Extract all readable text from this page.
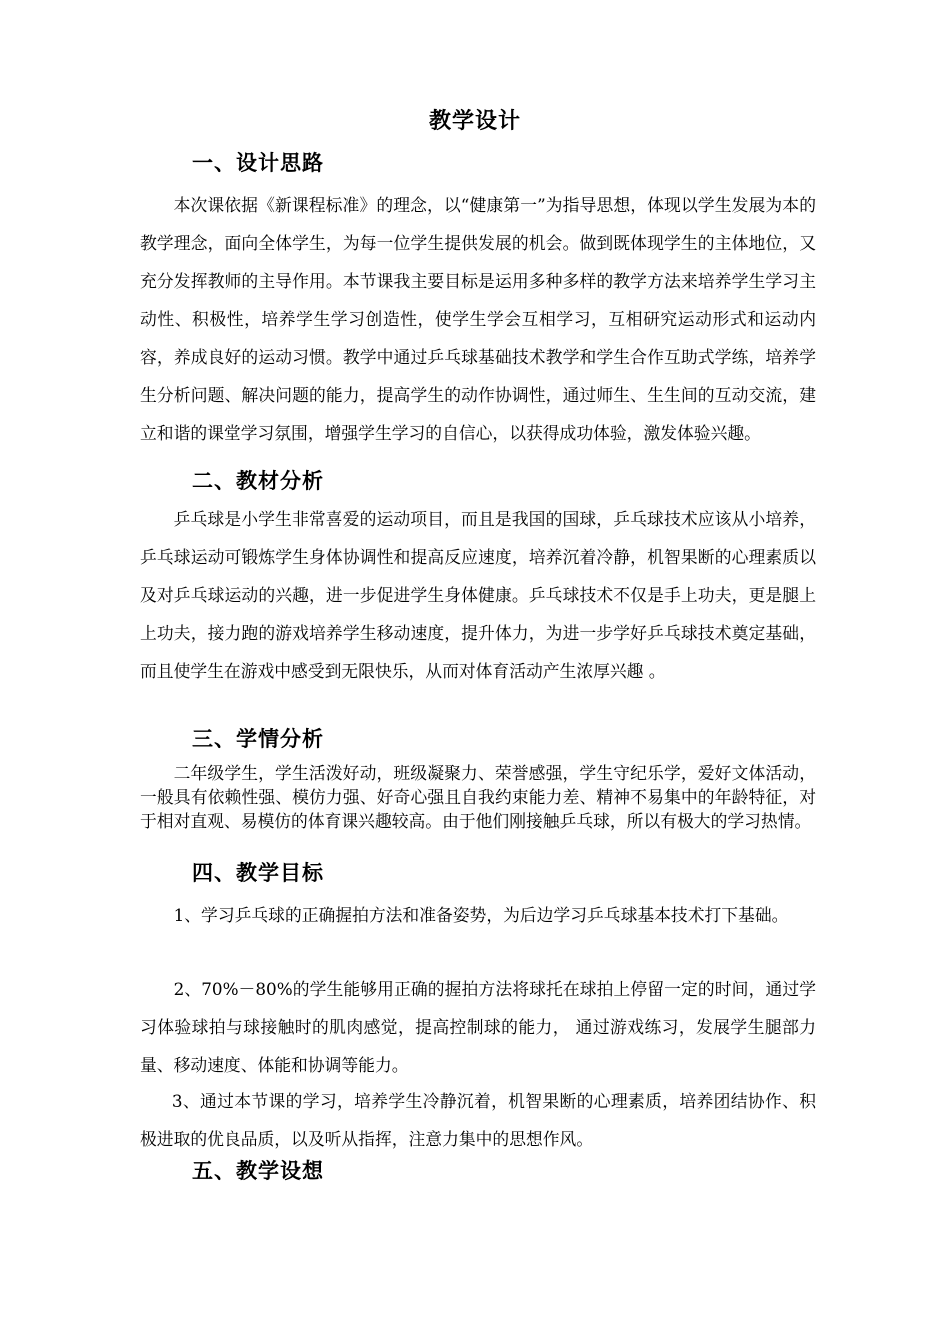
教学设计
一、设计思路

本次课依据《新课程标准》的理念，以“健康第一”为指导思想，体现以学生发展为本的教学理念，面向全体学生，为每一位学生提供发展的机会。做到既体现学生的主体地位，又充分发挥教师的主导作用。本节课我主要目标是运用多种多样的教学方法来培养学生学习主动性、积极性，培养学生学习创造性，使学生学会互相学习，互相研究运动形式和运动内容，养成良好的运动习惯。教学中通过乒乓球基础技术教学和学生合作互助式学练，培养学生分析问题、解决问题的能力，提高学生的动作协调性，通过师生、生生间的互动交流，建立和谐的课堂学习氛围，增强学生学习的自信心，以获得成功体验，激发体验兴趣。

二、教材分析

乒乓球是小学生非常喜爱的运动项目，而且是我国的国球，乒乓球技术应该从小培养，乒乓球运动可锻炼学生身体协调性和提高反应速度，培养沉着冷静，机智果断的心理素质以及对乒乓球运动的兴趣，进一步促进学生身体健康。乒乓球技术不仅是手上功夫，更是腿上上功夫，接力跑的游戏培养学生移动速度，提升体力，为进一步学好乒乓球技术奠定基础，而且使学生在游戏中感受到无限快乐，从而对体育活动产生浓厚兴趣 。

三、学情分析

二年级学生，学生活泼好动，班级凝聚力、荣誉感强，学生守纪乐学，爱好文体活动，一般具有依赖性强、模仿力强、好奇心强且自我约束能力差、精神不易集中的年龄特征，对于相对直观、易模仿的体育课兴趣较高。由于他们刚接触乒乓球，所以有极大的学习热情。

四、教学目标

1、学习乒乓球的正确握拍方法和准备姿势，为后边学习乒乓球基本技术打下基础。

2、70%－80%的学生能够用正确的握拍方法将球托在球拍上停留一定的时间，通过学习体验球拍与球接触时的肌肉感觉，提高控制球的能力， 通过游戏练习，发展学生腿部力量、移动速度、体能和协调等能力。

3、通过本节课的学习，培养学生冷静沉着，机智果断的心理素质，培养团结协作、积极进取的优良品质，以及听从指挥，注意力集中的思想作风。

五、教学设想
